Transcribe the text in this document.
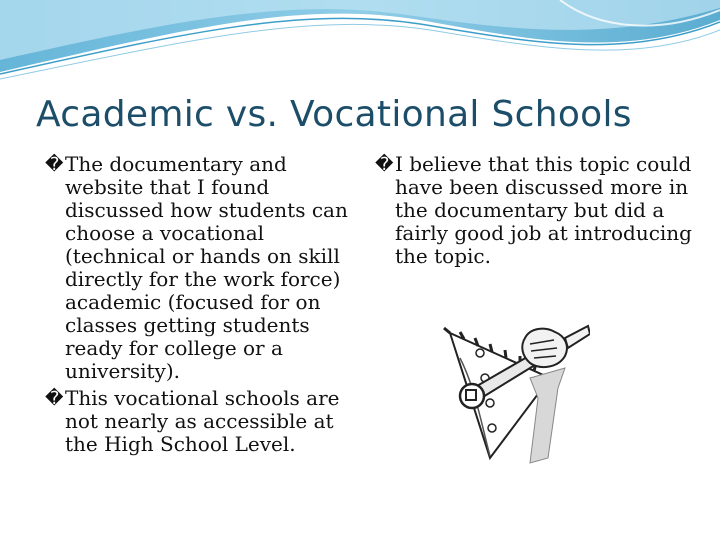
Academic vs. Vocational Schools

� The documentary and website that I found discussed how students can choose a vocational (technical or hands on skill directly for the work force) academic (focused for on classes getting students ready for college or a university).

� This vocational schools are not nearly as accessible at the High School Level.

� I believe that this topic could have been discussed more in the documentary but did a fairly good job at introducing the topic.
